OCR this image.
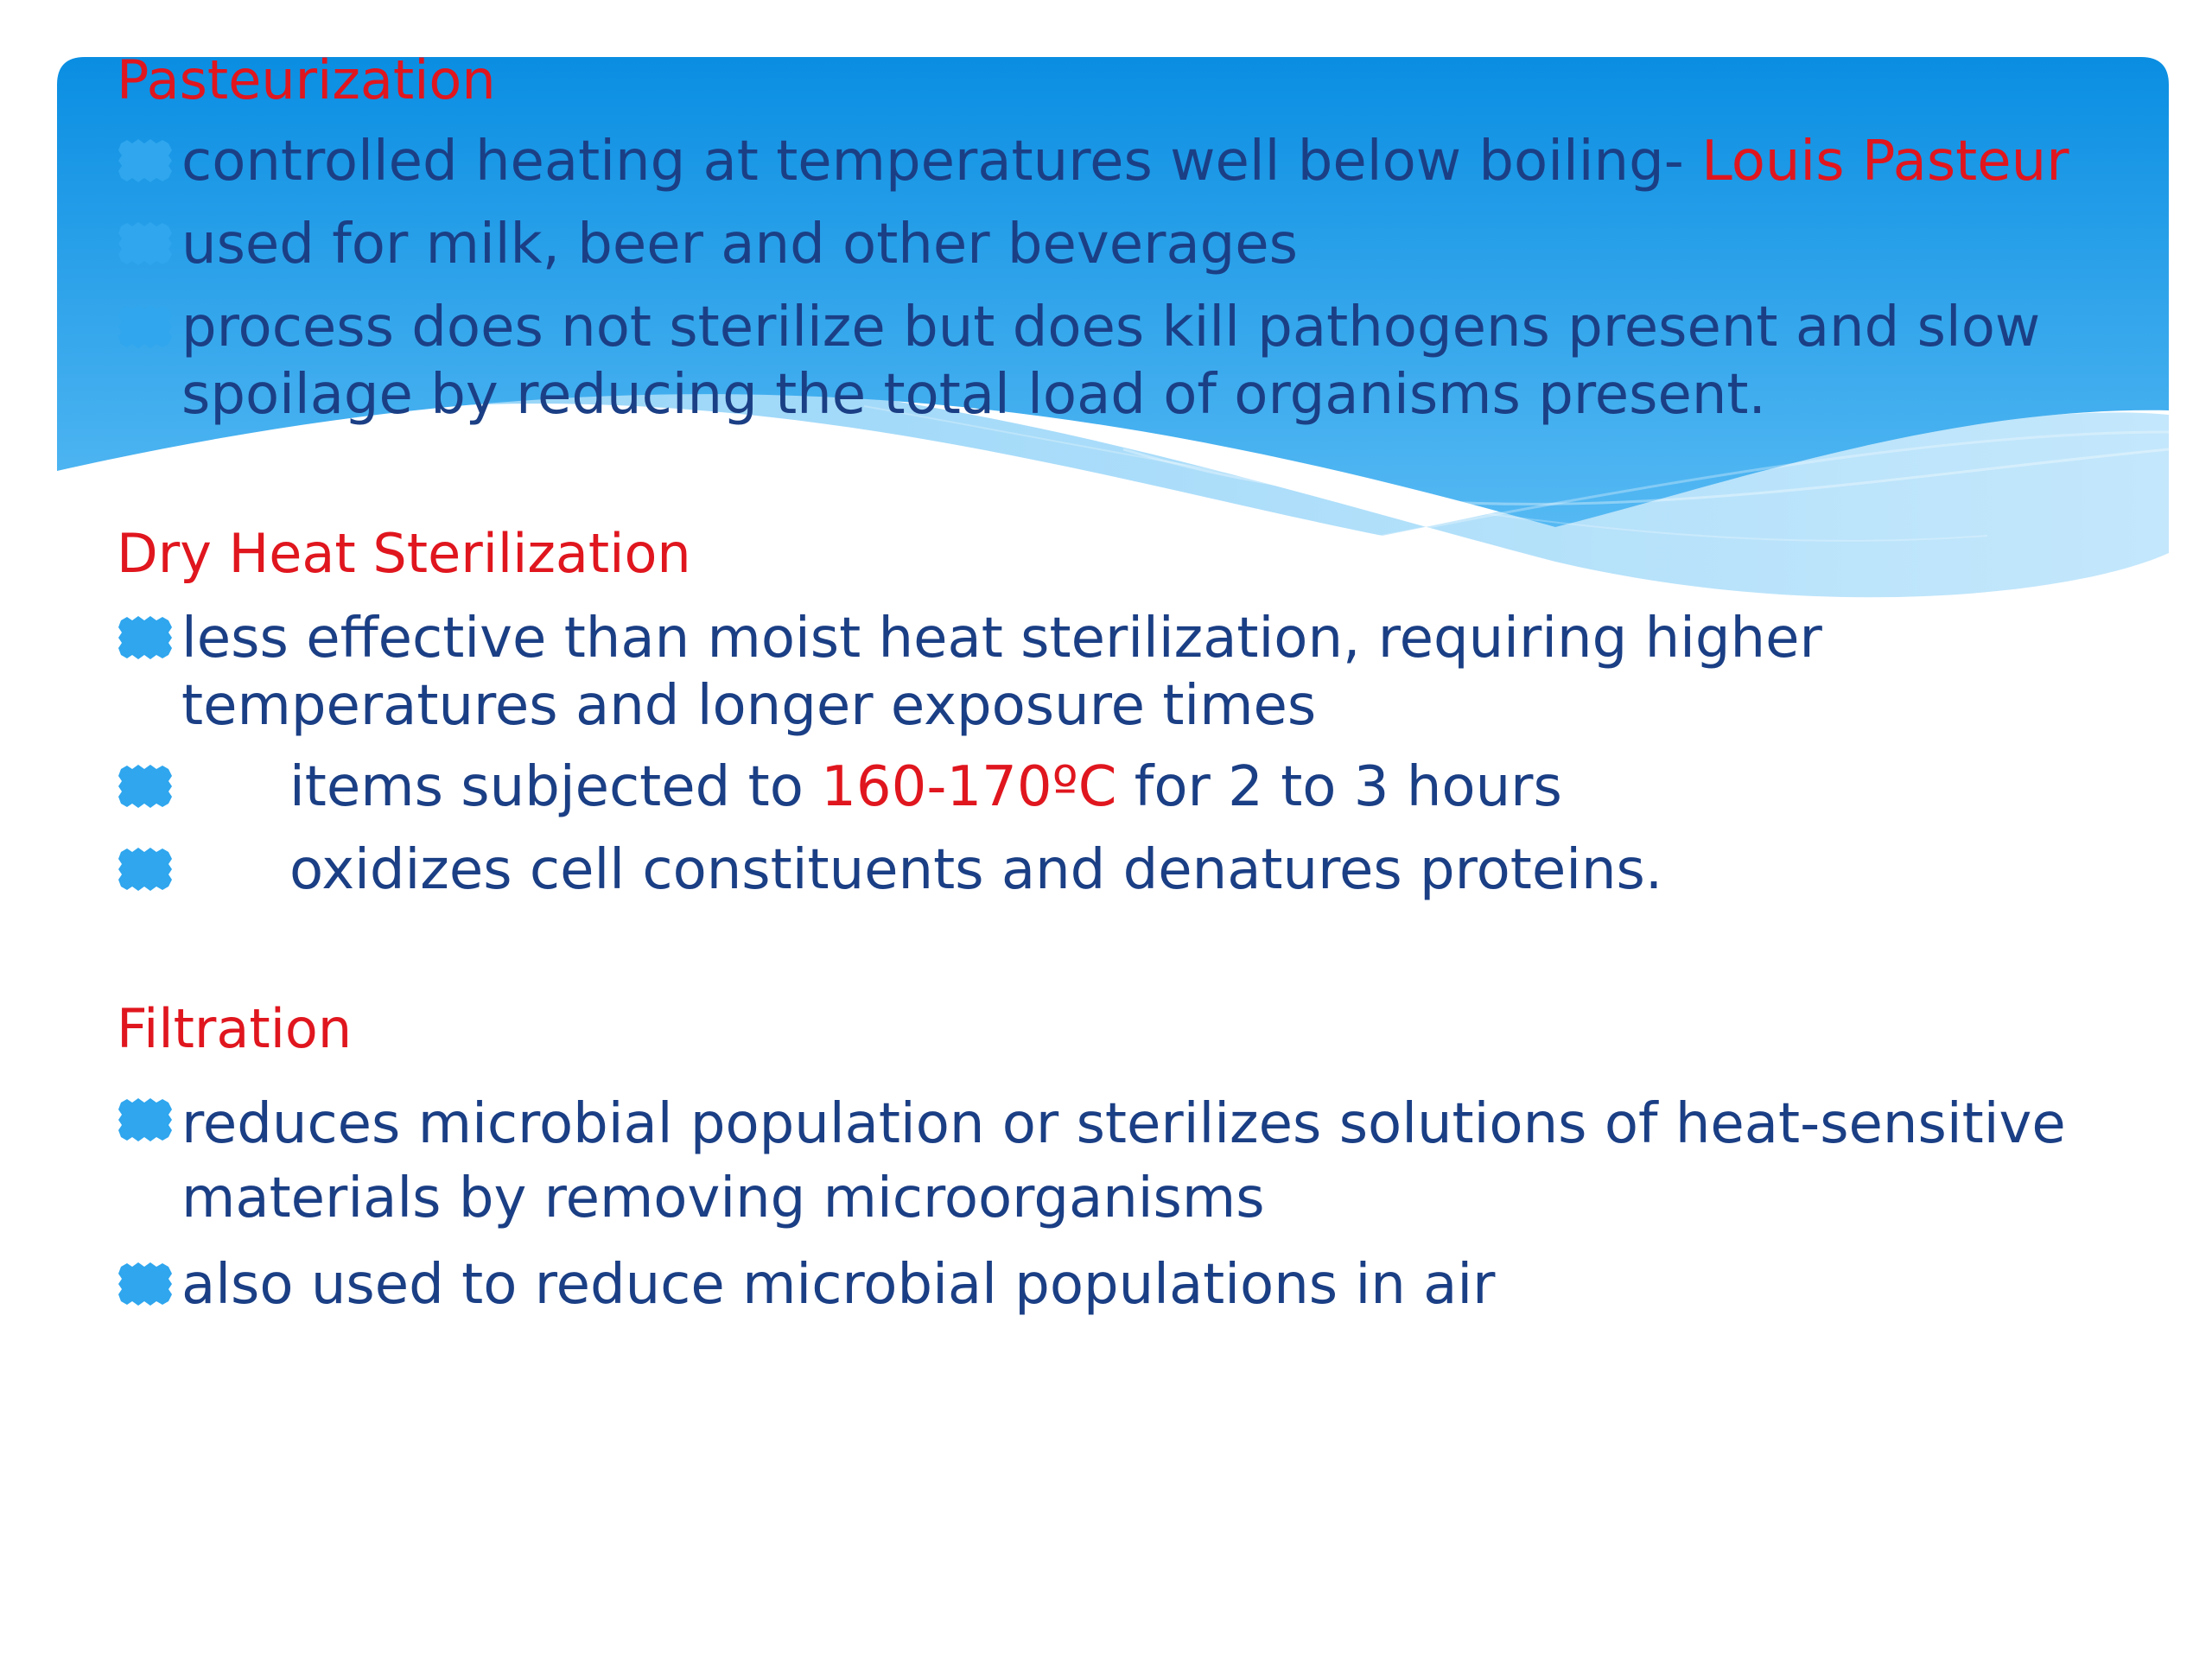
Pasteurization
controlled heating at temperatures well below boiling- Louis Pasteur
used for milk, beer and other beverages
process does not sterilize but does kill pathogens present and slow spoilage by reducing the total load of organisms present.
Dry Heat Sterilization
less effective than moist heat sterilization, requiring higher temperatures and longer exposure times
items subjected to 160-170ºC for 2 to 3 hours
oxidizes cell constituents and denatures proteins.
Filtration
reduces microbial population or sterilizes solutions of heat-sensitive materials by removing microorganisms
also used to reduce microbial populations in air
